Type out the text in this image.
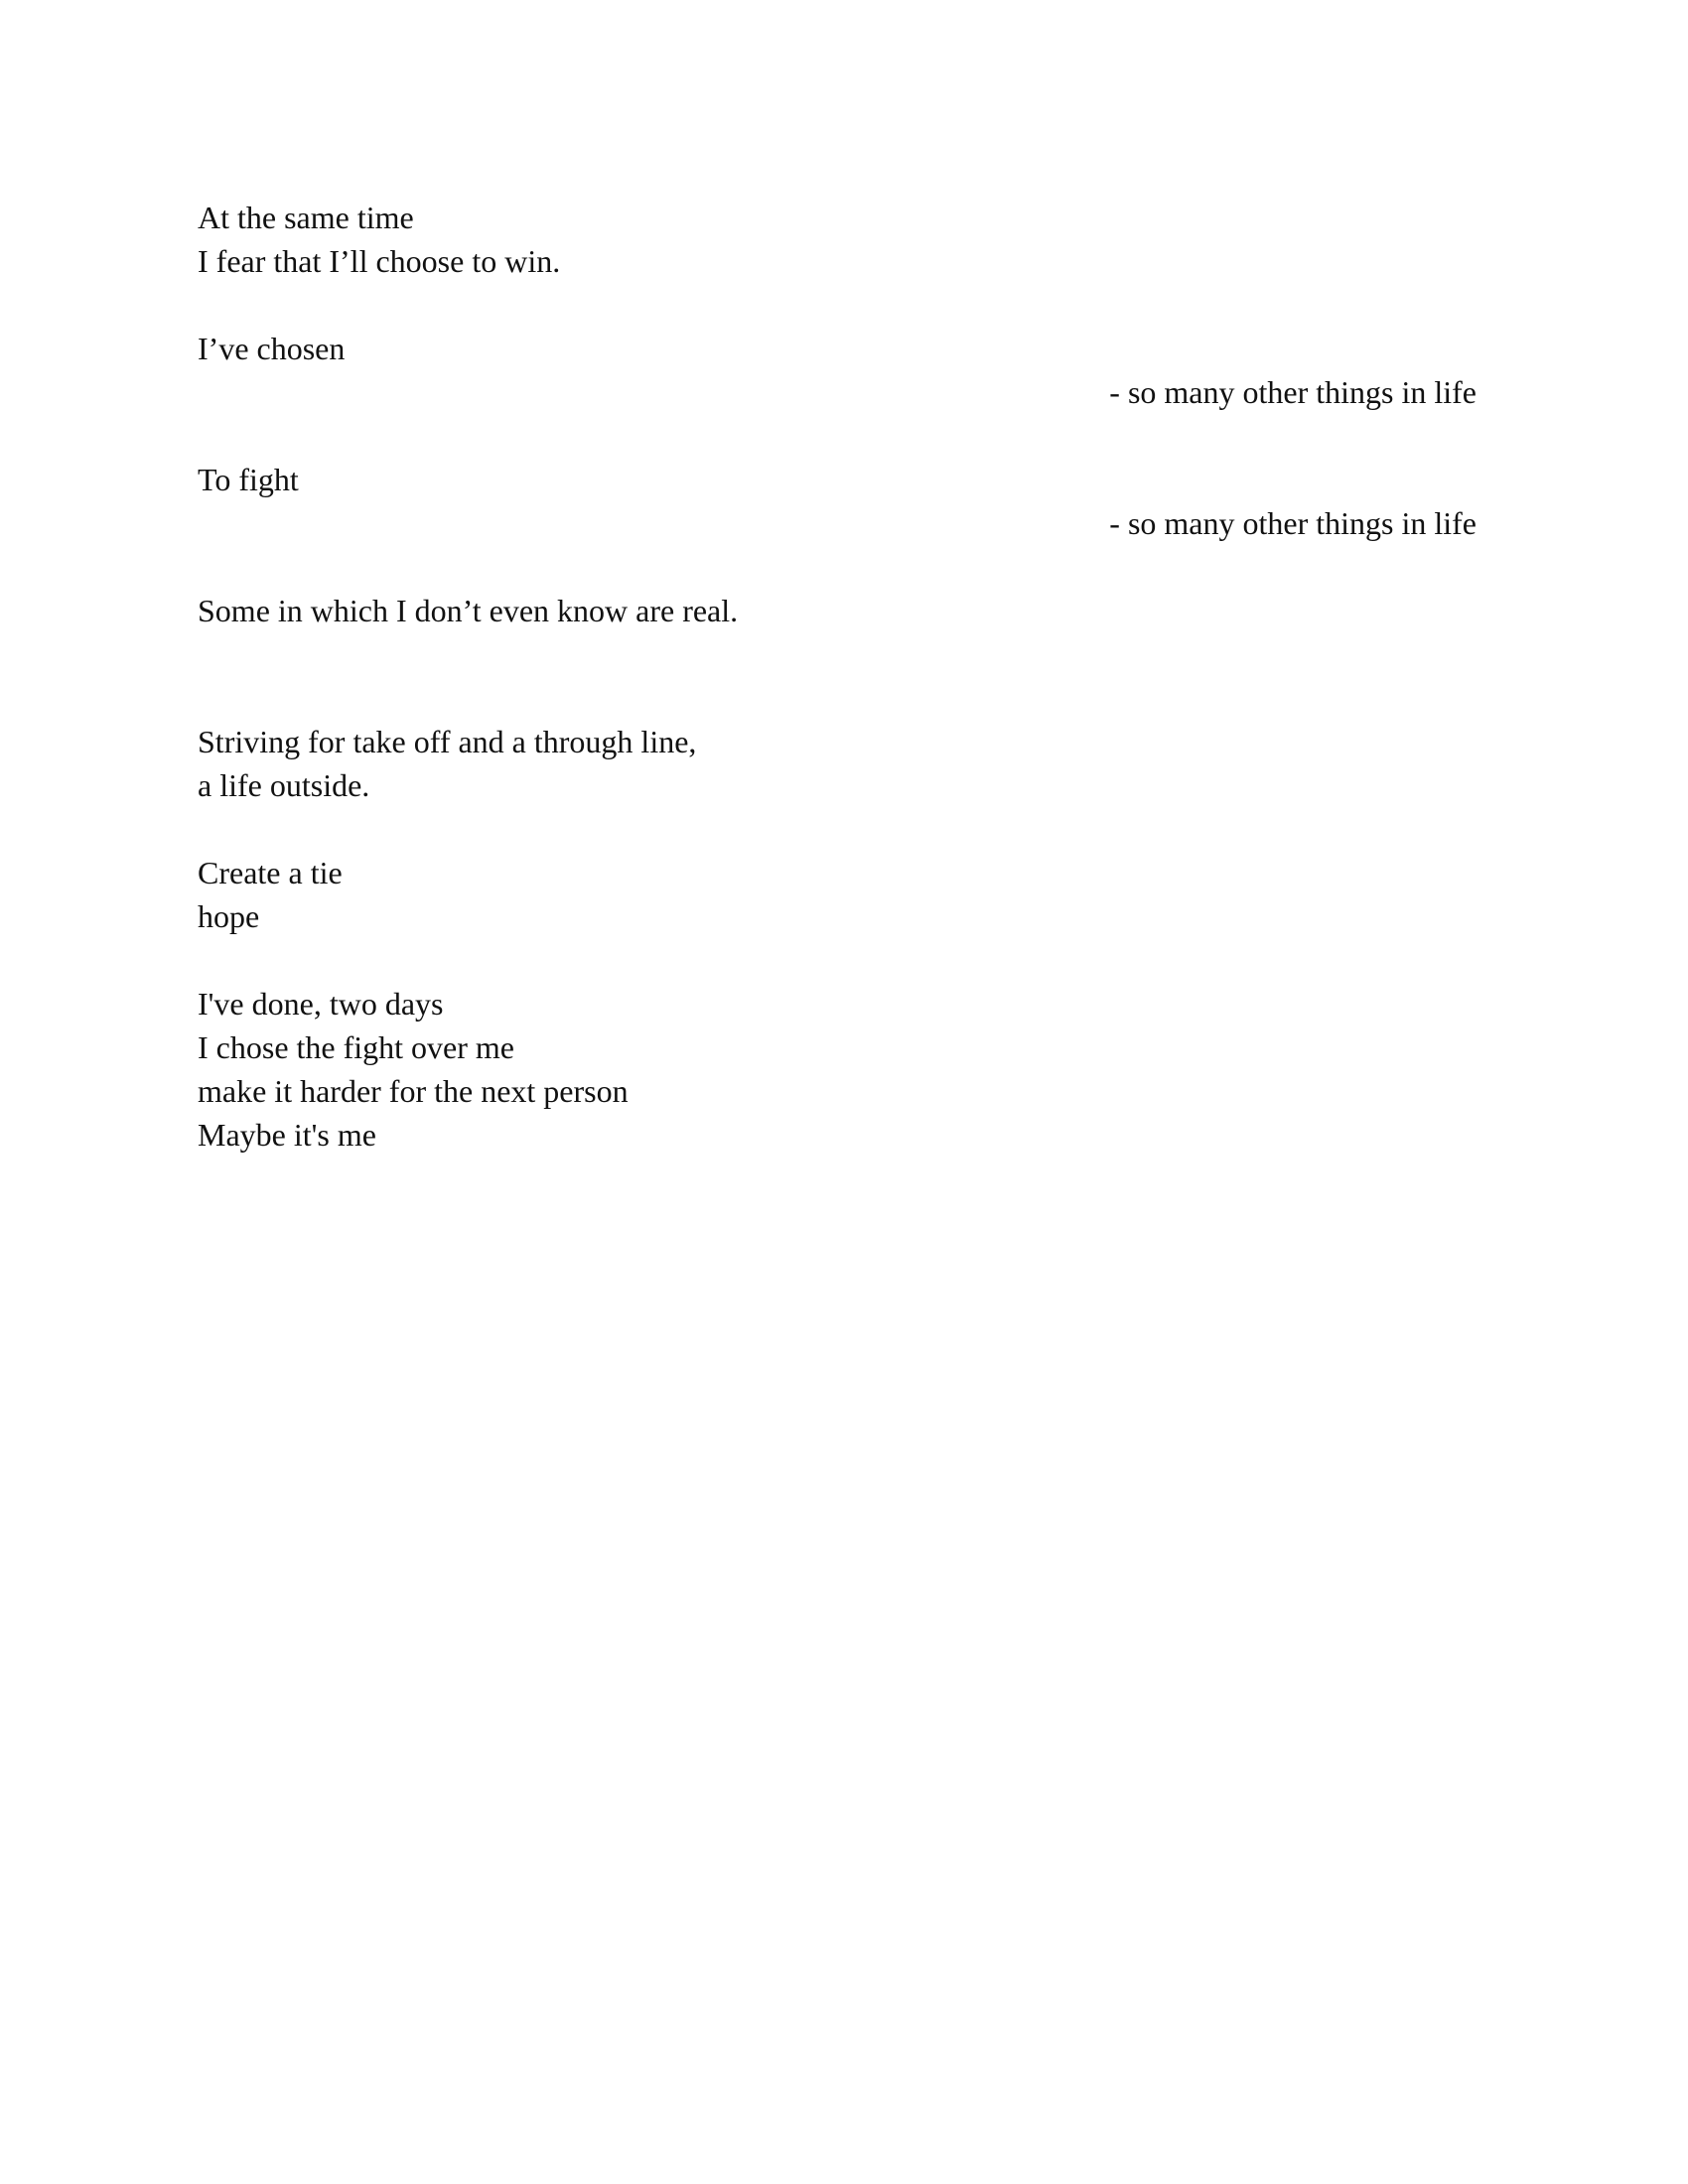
At the same time
I fear that I’ll choose to win.
I’ve chosen
- so many other things in life
To fight
- so many other things in life
Some in which I don’t even know are real.
Striving for take off and a through line,
a life outside.
Create a tie
hope
I've done, two days
I chose the fight over me
make it harder for the next person
Maybe it's me
